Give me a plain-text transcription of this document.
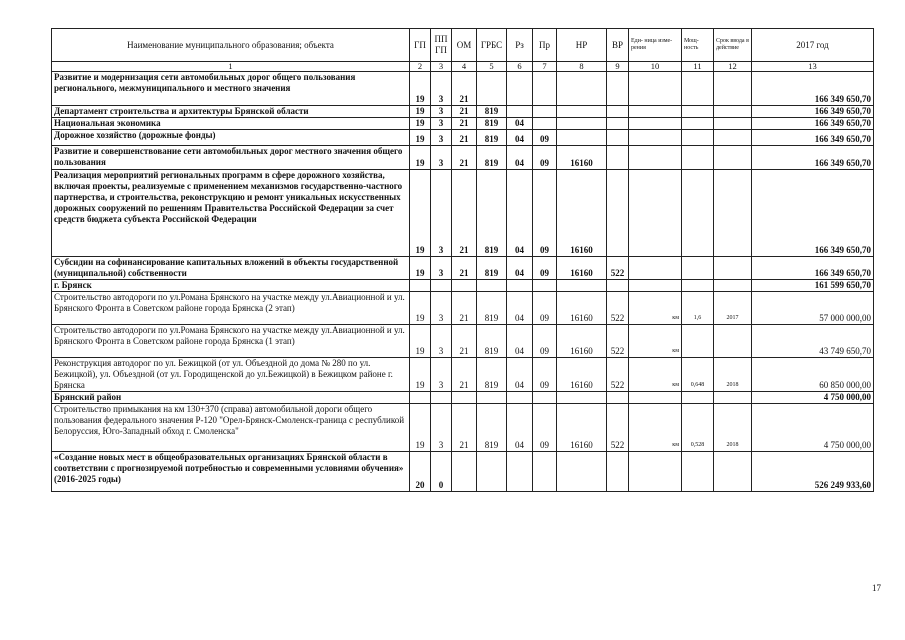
Наименование муниципального образования; объекта	ГП	ППГП	ОМ	ГРБС	Рз	Пр	НР	ВР	Еди- ница изме- рения	Мощ- ность	Срок ввода в действие	2017 год
1	2	3	4	5	6	7	8	9	10	11	12	13
Развитие и модернизация сети автомобильных дорог общего пользования регионального, межмуниципального и местного значения	19	3	21									166 349 650,70
Департамент строительства и архитектуры Брянской области	19	3	21	819								166 349 650,70
Национальная экономика	19	3	21	819	04							166 349 650,70
Дорожное хозяйство (дорожные фонды)	19	3	21	819	04	09						166 349 650,70
Развитие и совершенствование сети автомобильных дорог местного значения общего пользования	19	3	21	819	04	09	16160					166 349 650,70
Реализация мероприятий региональных программ в сфере дорожного хозяйства, включая проекты, реализуемые с применением механизмов государственно-частного партнерства, и строительства, реконструкцию и ремонт уникальных искусственных дорожных сооружений по решениям Правительства Российской Федерации за счет средств бюджета субъекта Российской Федерации	19	3	21	819	04	09	16160					166 349 650,70
Субсидии на софинансирование капитальных вложений в объекты государственной (муниципальной) собственности	19	3	21	819	04	09	16160	522				166 349 650,70
г. Брянск												161 599 650,70
Строительство автодороги по ул.Романа Брянского на участке между ул.Авиационной и ул. Брянского Фронта в Советском районе города Брянска (2 этап)	19	3	21	819	04	09	16160	522	км	1,6	2017	57 000 000,00
Строительство автодороги по ул.Романа Брянского на участке между ул.Авиационной и ул. Брянского Фронта в Советском районе города Брянска (1 этап)	19	3	21	819	04	09	16160	522	км			43 749 650,70
Реконструкция автодорог по ул. Бежицкой (от ул. Объездной до дома № 280 по ул. Бежицкой), ул. Объездной (от ул. Городищенской до ул.Бежицкой) в Бежицком районе г. Брянска	19	3	21	819	04	09	16160	522	км	0,648	2018	60 850 000,00
Брянский район												4 750 000,00
Строительство примыкания на км 130+370 (справа) автомобильной дороги общего пользования федерального значения Р-120 "Орел-Брянск-Смоленск-граница с республикой Белоруссия, Юго-Западный обход г. Смоленска"	19	3	21	819	04	09	16160	522	км	0,528	2018	4 750 000,00
«Создание новых мест в общеобразовательных организациях Брянской области в соответствии с прогнозируемой потребностью и современными условиями обучения» (2016-2025 годы)	20	0										526 249 933,60
17
